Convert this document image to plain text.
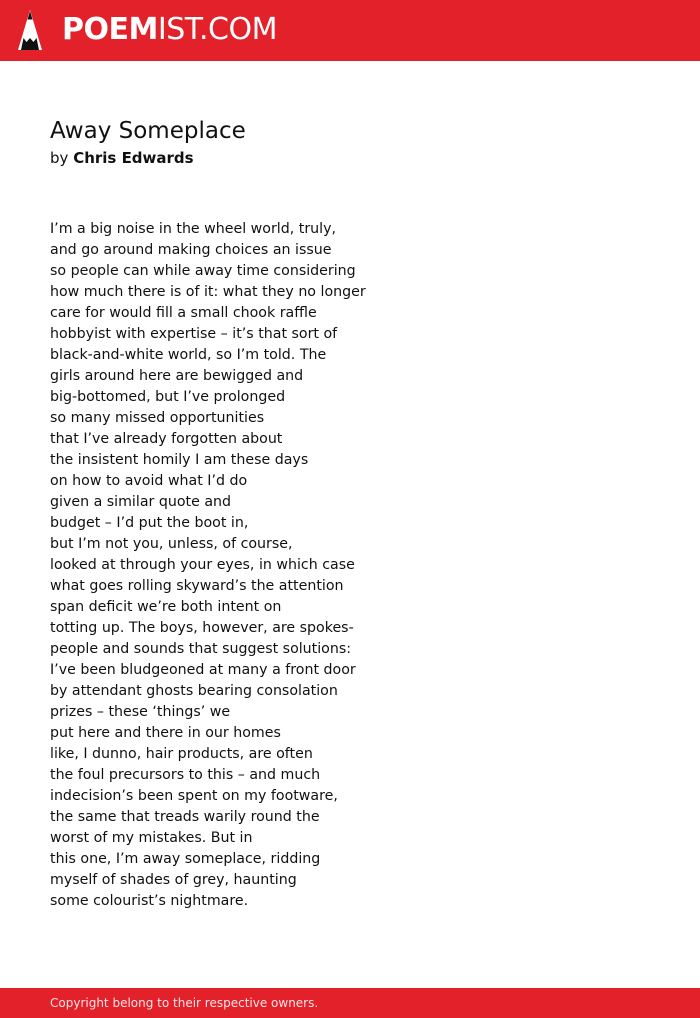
POEMIST.COM
Away Someplace
by Chris Edwards
I’m a big noise in the wheel world, truly,
and go around making choices an issue
so people can while away time considering
how much there is of it: what they no longer
care for would fill a small chook raffle
hobbyist with expertise – it’s that sort of
black-and-white world, so I’m told. The
girls around here are bewigged and
big-bottomed, but I’ve prolonged
so many missed opportunities
that I’ve already forgotten about
the insistent homily I am these days
on how to avoid what I’d do
given a similar quote and
budget – I’d put the boot in,
but I’m not you, unless, of course,
looked at through your eyes, in which case
what goes rolling skyward’s the attention
span deficit we’re both intent on
totting up. The boys, however, are spokes-
people and sounds that suggest solutions:
I’ve been bludgeoned at many a front door
by attendant ghosts bearing consolation
prizes – these ‘things’ we
put here and there in our homes
like, I dunno, hair products, are often
the foul precursors to this – and much
indecision’s been spent on my footware,
the same that treads warily round the
worst of my mistakes. But in
this one, I’m away someplace, ridding
myself of shades of grey, haunting
some colourist’s nightmare.
Copyright belong to their respective owners.
